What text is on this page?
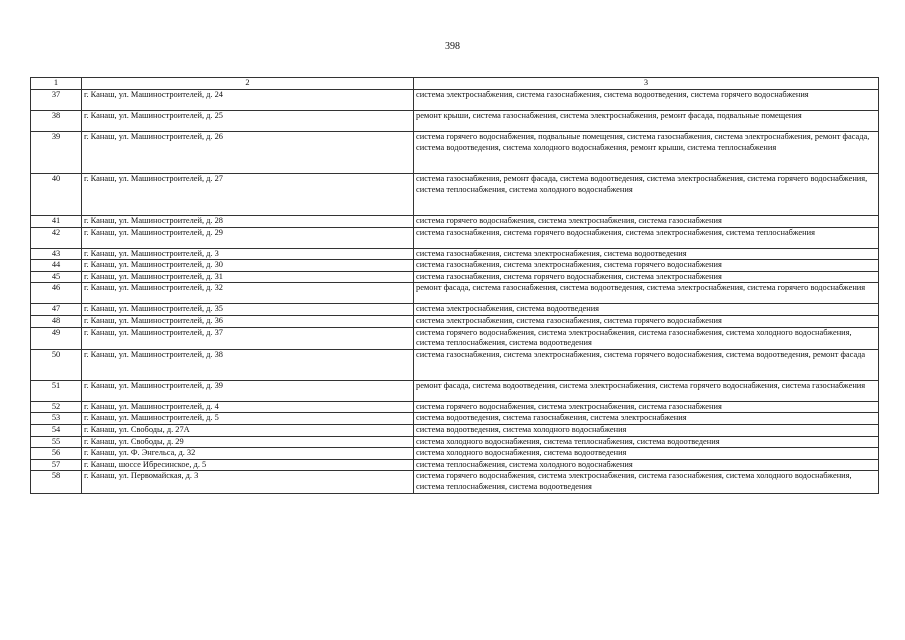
398
1	2	3
37	г. Канаш, ул. Машиностроителей, д. 24	система электроснабжения, система газоснабжения, система водоотведения, система горячего водоснабжения
38	г. Канаш, ул. Машиностроителей, д. 25	ремонт крыши, система газоснабжения, система электроснабжения, ремонт фасада, подвальные помещения
39	г. Канаш, ул. Машиностроителей, д. 26	система горячего водоснабжения, подвальные помещения, система газоснабжения, система электроснабжения, ремонт фасада, система водоотведения, система холодного водоснабжения, ремонт крыши, система теплоснабжения
40	г. Канаш, ул. Машиностроителей, д. 27	система газоснабжения, ремонт фасада, система водоотведения, система электроснабжения, система горячего водоснабжения, система теплоснабжения, система холодного водоснабжения
41	г. Канаш, ул. Машиностроителей, д. 28	система горячего водоснабжения, система электроснабжения, система газоснабжения
42	г. Канаш, ул. Машиностроителей, д. 29	система газоснабжения, система горячего водоснабжения, система электроснабжения, система теплоснабжения
43	г. Канаш, ул. Машиностроителей, д. 3	система газоснабжения, система электроснабжения, система водоотведения
44	г. Канаш, ул. Машиностроителей, д. 30	система газоснабжения, система электроснабжения, система горячего водоснабжения
45	г. Канаш, ул. Машиностроителей, д. 31	система газоснабжения, система горячего водоснабжения, система электроснабжения
46	г. Канаш, ул. Машиностроителей, д. 32	ремонт фасада, система газоснабжения, система водоотведения, система электроснабжения, система горячего водоснабжения
47	г. Канаш, ул. Машиностроителей, д. 35	система электроснабжения, система водоотведения
48	г. Канаш, ул. Машиностроителей, д. 36	система электроснабжения, система газоснабжения, система горячего водоснабжения
49	г. Канаш, ул. Машиностроителей, д. 37	система горячего водоснабжения, система электроснабжения, система газоснабжения, система холодного водоснабжения, система теплоснабжения, система водоотведения
50	г. Канаш, ул. Машиностроителей, д. 38	система газоснабжения, система электроснабжения, система горячего водоснабжения, система водоотведения, ремонт фасада
51	г. Канаш, ул. Машиностроителей, д. 39	ремонт фасада, система водоотведения, система электроснабжения, система горячего водоснабжения, система газоснабжения
52	г. Канаш, ул. Машиностроителей, д. 4	система горячего водоснабжения, система электроснабжения, система газоснабжения
53	г. Канаш, ул. Машиностроителей, д. 5	система водоотведения, система газоснабжения, система электроснабжения
54	г. Канаш, ул. Свободы, д. 27А	система водоотведения, система холодного водоснабжения
55	г. Канаш, ул. Свободы, д. 29	система холодного водоснабжения, система теплоснабжения, система водоотведения
56	г. Канаш, ул. Ф. Энгельса, д. 32	система холодного водоснабжения, система водоотведения
57	г. Канаш, шоссе Ибресинское, д. 5	система теплоснабжения, система холодного водоснабжения
58	г. Канаш, ул. Первомайская, д. 3	система горячего водоснабжения, система электроснабжения, система газоснабжения, система холодного водоснабжения, система теплоснабжения, система водоотведения
